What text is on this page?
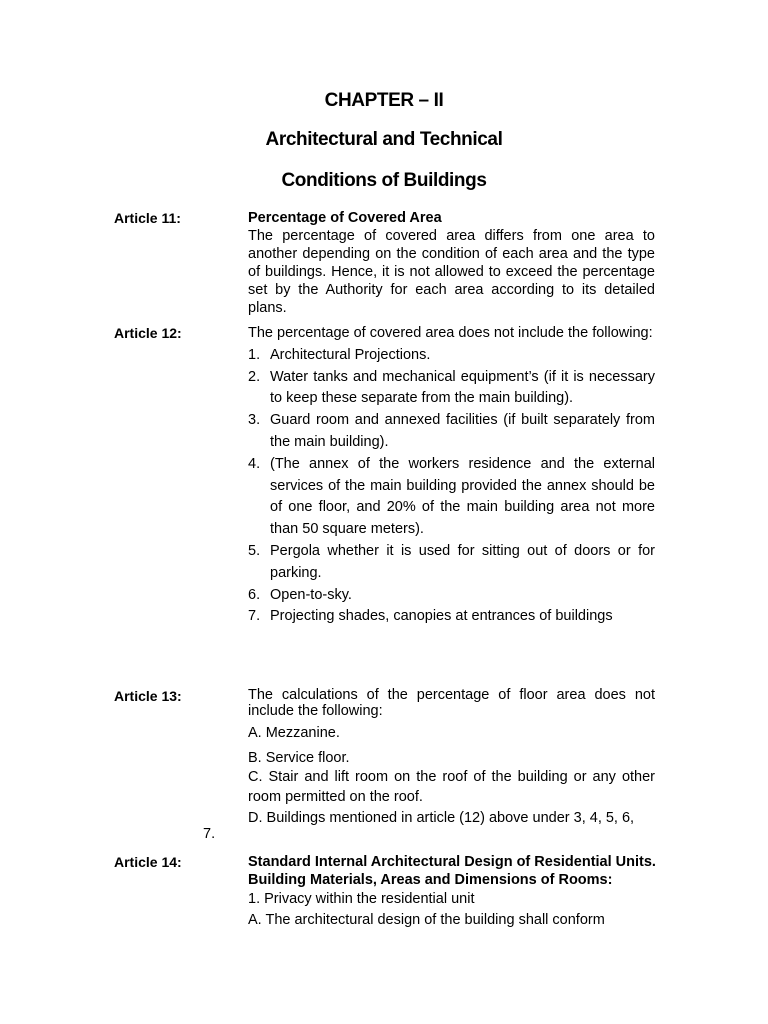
CHAPTER – II
Architectural and Technical
Conditions of Buildings
Article 11:	Percentage of Covered Area

The percentage of covered area differs from one area to another depending on the condition of each area and the type of buildings. Hence, it is not allowed to exceed the percentage set by the Authority for each area according to its detailed plans.

Article 12:	The percentage of covered area does not include the following:

1. Architectural Projections.
2. Water tanks and mechanical equipment’s (if it is necessary to keep these separate from the main building).
3. Guard room and annexed facilities (if built separately from the main building).
4. (The annex of the workers residence and the external services of the main building provided the annex should be of one floor, and 20% of the main building area not more than 50 square meters).
5. Pergola whether it is used for sitting out of doors or for parking.
6. Open-to-sky.
7. Projecting shades, canopies at entrances of buildings
Article 13:	The calculations of the percentage of floor area does not include the following:

A. Mezzanine.

B. Service floor.

C. Stair and lift room on the roof of the building or any other room permitted on the roof.

D. Buildings mentioned in article (12) above under 3, 4, 5, 6,

7.
Article 14:	Standard Internal Architectural Design of Residential Units.

Building Materials, Areas and Dimensions of Rooms:

1. Privacy within the residential unit

A. The architectural design of the building shall conform
